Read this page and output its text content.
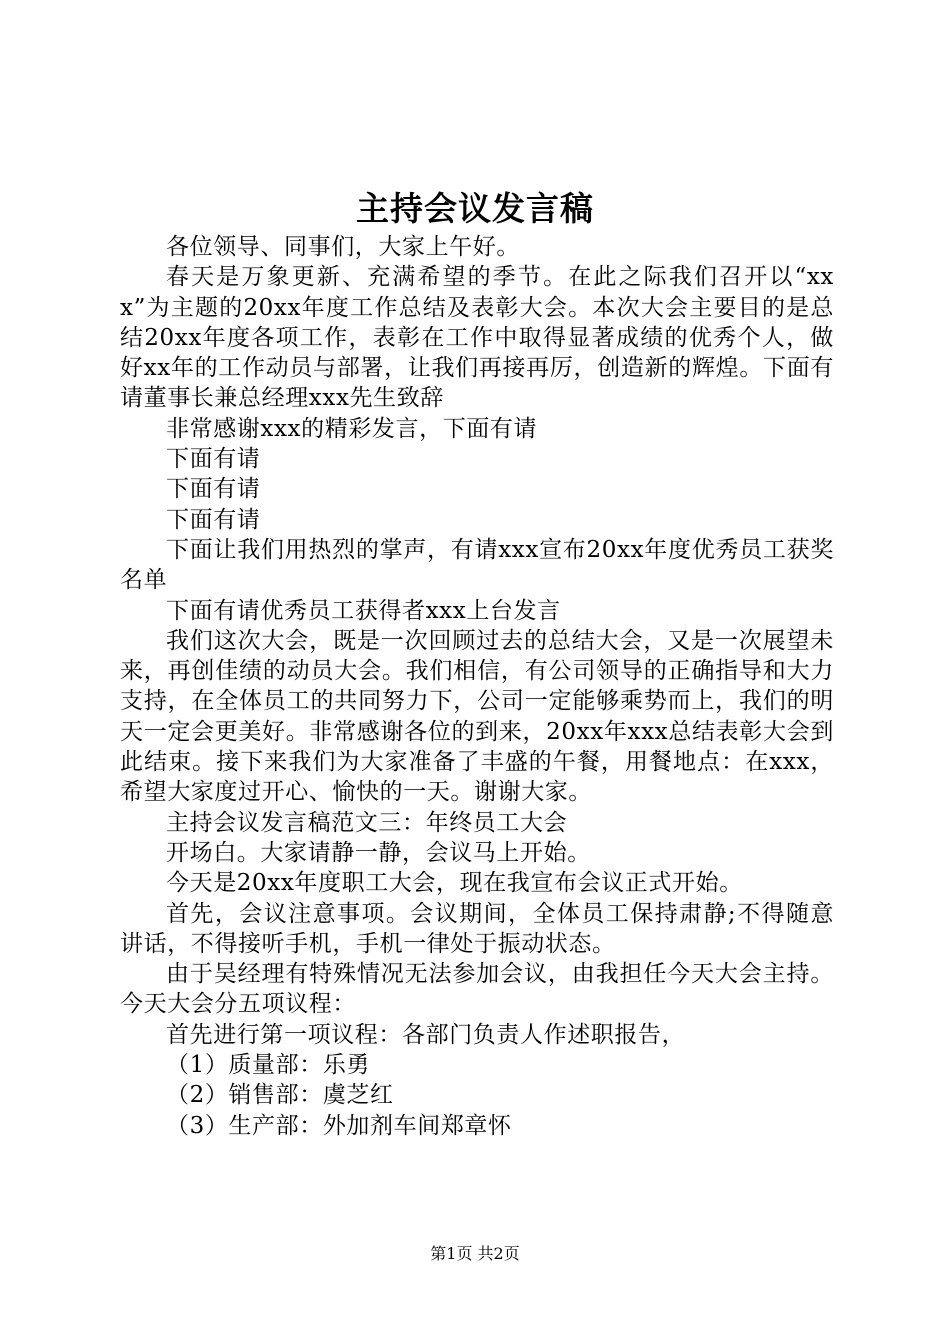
主持会议发言稿

各位领导、同事们，大家上午好。

春天是万象更新、充满希望的季节。在此之际我们召开以“xxx”为主题的20xx年度工作总结及表彰大会。本次大会主要目的是总结20xx年度各项工作，表彰在工作中取得显著成绩的优秀个人，做好xx年的工作动员与部署，让我们再接再厉，创造新的辉煌。下面有请董事长兼总经理xxx先生致辞

非常感谢xxx的精彩发言，下面有请

下面有请

下面有请

下面有请

下面让我们用热烈的掌声，有请xxx宣布20xx年度优秀员工获奖名单

下面有请优秀员工获得者xxx上台发言

我们这次大会，既是一次回顾过去的总结大会，又是一次展望未来，再创佳绩的动员大会。我们相信，有公司领导的正确指导和大力支持，在全体员工的共同努力下，公司一定能够乘势而上，我们的明天一定会更美好。非常感谢各位的到来，20xx年xxx总结表彰大会到此结束。接下来我们为大家准备了丰盛的午餐，用餐地点：在xxx，希望大家度过开心、愉快的一天。谢谢大家。

主持会议发言稿范文三：年终员工大会

开场白。大家请静一静，会议马上开始。

今天是20xx年度职工大会，现在我宣布会议正式开始。

首先，会议注意事项。会议期间，全体员工保持肃静;不得随意讲话，不得接听手机，手机一律处于振动状态。

由于吴经理有特殊情况无法参加会议，由我担任今天大会主持。今天大会分五项议程：

首先进行第一项议程：各部门负责人作述职报告，

（1）质量部：乐勇

（2）销售部：虞芝红

（3）生产部：外加剂车间郑章怀

第1页 共2页
